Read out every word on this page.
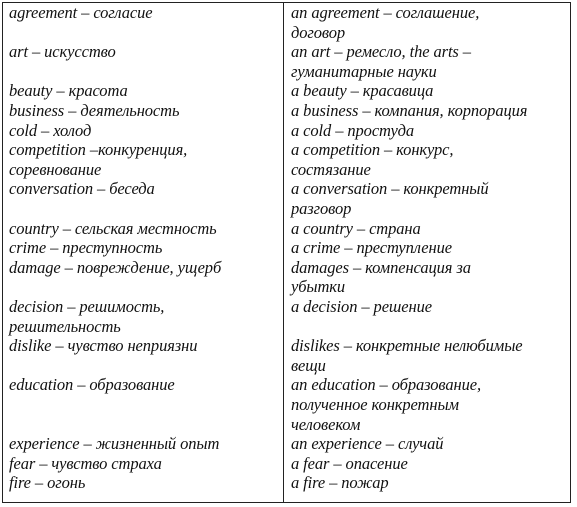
agreement – согласие
art – искусство
beauty – красота
business – деятельность
cold – холод
competition –конкуренция,
соревнование
conversation – беседа
country – сельская местность
crime – преступность
damage – повреждение, ущерб
decision – решимость,
решительность
dislike – чувство неприязни
education – образование
experience – жизненный опыт
fear – чувство страха
fire – огонь
an agreement – соглашение,
договор
an art – ремесло, the arts –
гуманитарные науки
a beauty – красавица
a business – компания, корпорация
a cold – простуда
a competition – конкурс,
состязание
a conversation – конкретный
разговор
a country – страна
a crime – преступление
damages – компенсация за
убытки
a decision – решение
dislikes – конкретные нелюбимые
вещи
an education – образование,
полученное конкретным
человеком
an experience – случай
a fear – опасение
a fire – пожар
